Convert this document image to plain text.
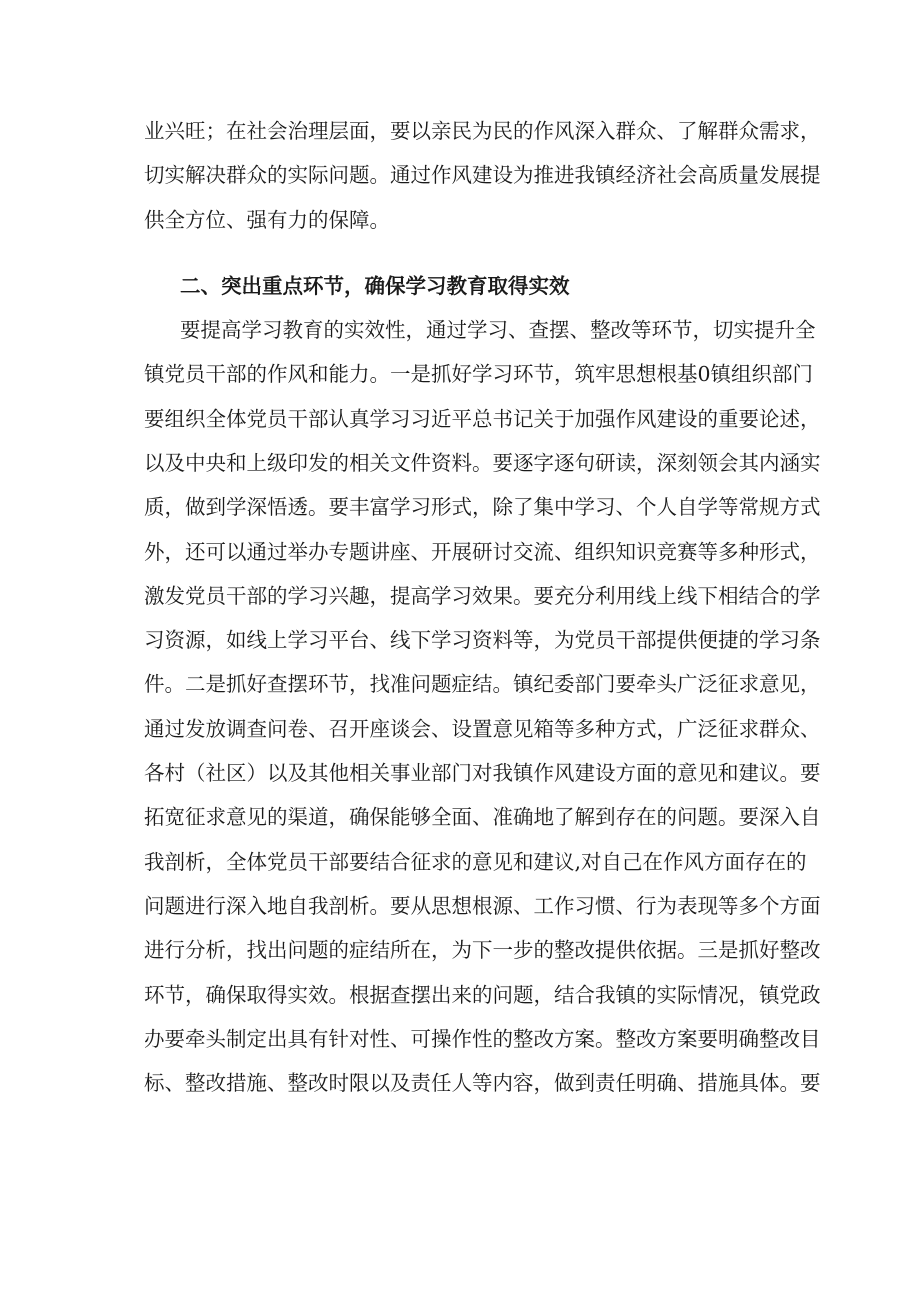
业兴旺；在社会治理层面，要以亲民为民的作风深入群众、了解群众需求，
切实解决群众的实际问题。通过作风建设为推进我镇经济社会高质量发展提
供全方位、强有力的保障。
二、突出重点环节，确保学习教育取得实效
要提高学习教育的实效性，通过学习、查摆、整改等环节，切实提升全
镇党员干部的作风和能力。一是抓好学习环节，筑牢思想根基0镇组织部门
要组织全体党员干部认真学习习近平总书记关于加强作风建设的重要论述，
以及中央和上级印发的相关文件资料。要逐字逐句研读，深刻领会其内涵实
质，做到学深悟透。要丰富学习形式，除了集中学习、个人自学等常规方式
外，还可以通过举办专题讲座、开展研讨交流、组织知识竞赛等多种形式，
激发党员干部的学习兴趣，提高学习效果。要充分利用线上线下相结合的学
习资源，如线上学习平台、线下学习资料等，为党员干部提供便捷的学习条
件。二是抓好查摆环节，找准问题症结。镇纪委部门要牵头广泛征求意见，
通过发放调查问卷、召开座谈会、设置意见箱等多种方式，广泛征求群众、
各村（社区）以及其他相关事业部门对我镇作风建设方面的意见和建议。要
拓宽征求意见的渠道，确保能够全面、准确地了解到存在的问题。要深入自
我剖析，全体党员干部要结合征求的意见和建议,对自己在作风方面存在的
问题进行深入地自我剖析。要从思想根源、工作习惯、行为表现等多个方面
进行分析，找出问题的症结所在，为下一步的整改提供依据。三是抓好整改
环节，确保取得实效。根据查摆出来的问题，结合我镇的实际情况，镇党政
办要牵头制定出具有针对性、可操作性的整改方案。整改方案要明确整改目
标、整改措施、整改时限以及责任人等内容，做到责任明确、措施具体。要
